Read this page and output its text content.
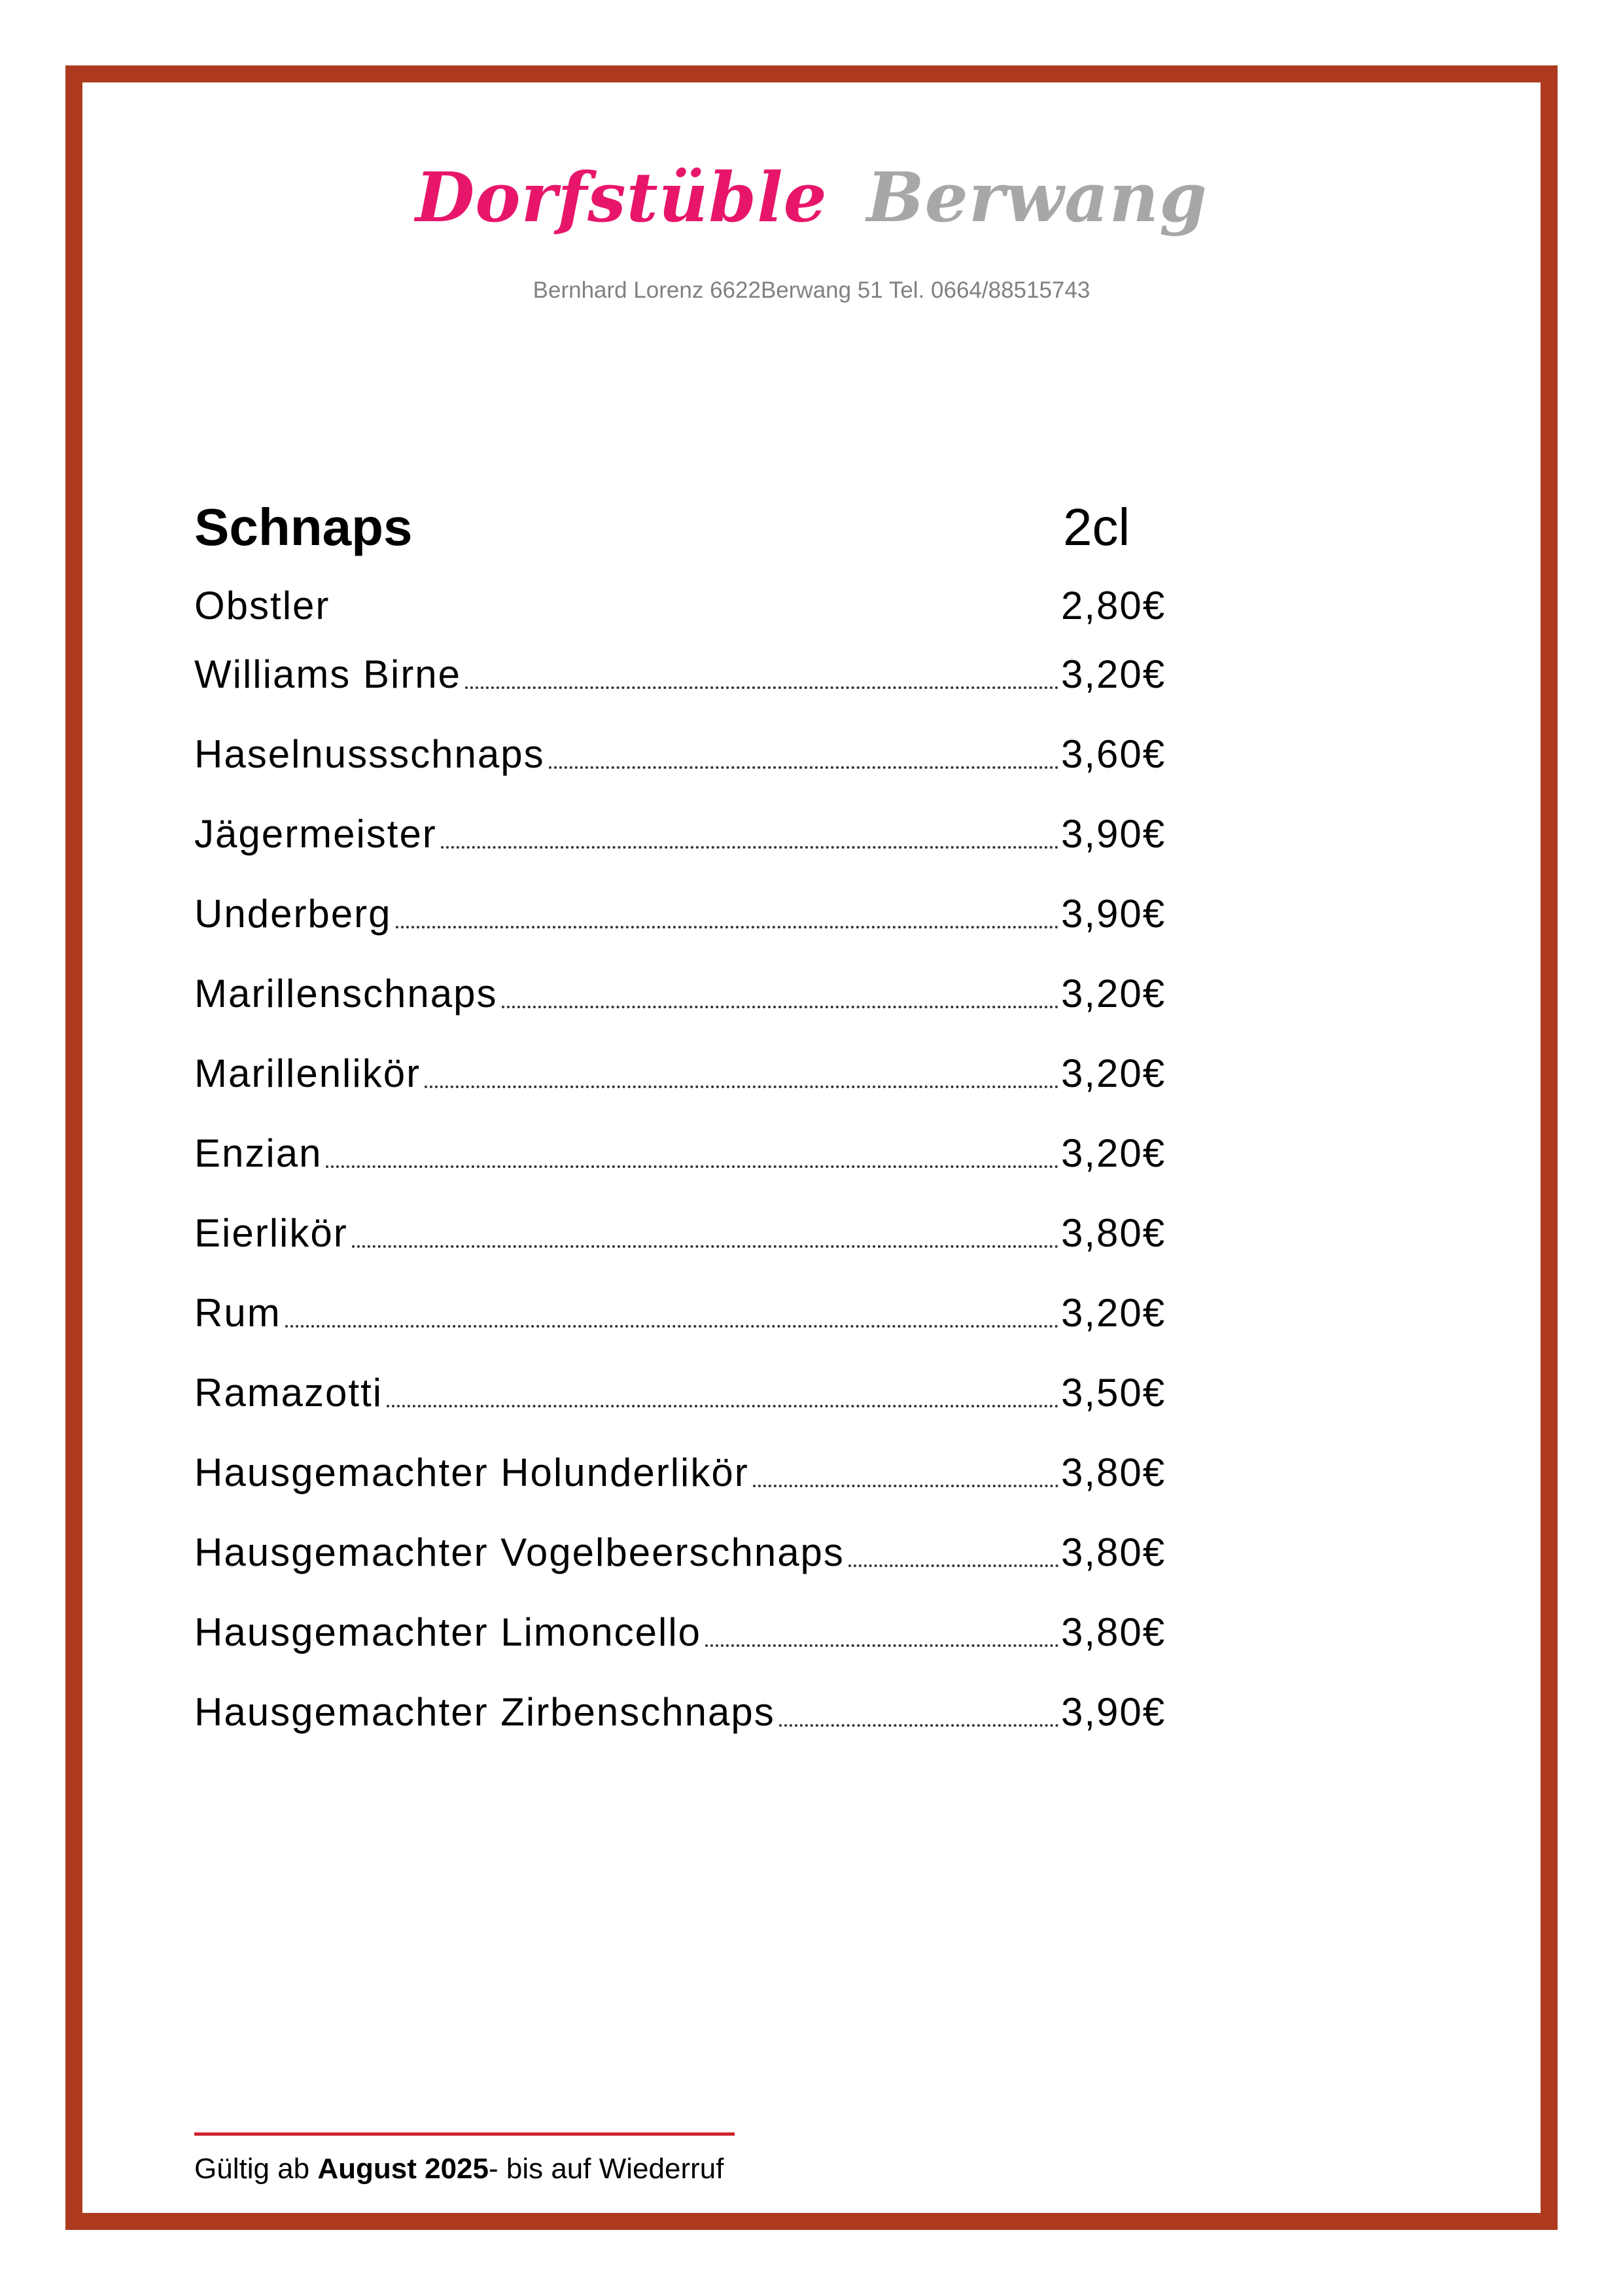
Dorfstüble Berwang
Bernhard Lorenz 6622Berwang 51 Tel. 0664/88515743
Schnaps	2cl
Obstler	2,80€
Williams Birne	3,20€
Haselnussschnaps	3,60€
Jägermeister	3,90€
Underberg	3,90€
Marillenschnaps	3,20€
Marillenlikör	3,20€
Enzian	3,20€
Eierlikör	3,80€
Rum	3,20€
Ramazotti	3,50€
Hausgemachter Holunderlikör	3,80€
Hausgemachter Vogelbeerschnaps	3,80€
Hausgemachter Limoncello	3,80€
Hausgemachter Zirbenschnaps	3,90€
Gültig ab August 2025- bis auf Wiederruf
